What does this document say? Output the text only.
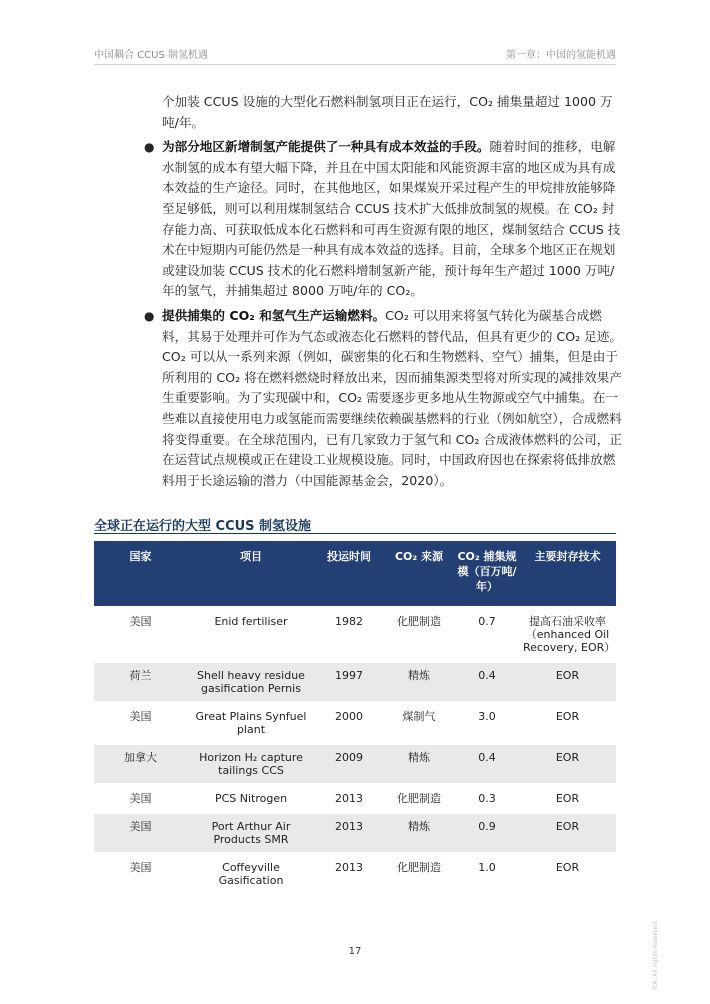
中国耦合 CCUS 制氢机遇	第一章：中国的氢能机遇

个加装 CCUS 设施的大型化石燃料制氢项目正在运行，CO₂ 捕集量超过 1000 万吨/年。

● 为部分地区新增制氢产能提供了一种具有成本效益的手段。随着时间的推移，电解水制氢的成本有望大幅下降，并且在中国太阳能和风能资源丰富的地区成为具有成本效益的生产途径。同时，在其他地区，如果煤炭开采过程产生的甲烷排放能够降至足够低，则可以利用煤制氢结合 CCUS 技术扩大低排放制氢的规模。在 CO₂ 封存能力高、可获取低成本化石燃料和可再生资源有限的地区，煤制氢结合 CCUS 技术在中短期内可能仍然是一种具有成本效益的选择。目前，全球多个地区正在规划或建设加装 CCUS 技术的化石燃料增制氢新产能，预计每年生产超过 1000 万吨/年的氢气，并捕集超过 8000 万吨/年的 CO₂。
● 提供捕集的 CO₂ 和氢气生产运输燃料。CO₂ 可以用来将氢气转化为碳基合成燃料，其易于处理并可作为气态或液态化石燃料的替代品，但具有更少的 CO₂ 足迹。CO₂ 可以从一系列来源（例如，碳密集的化石和生物燃料、空气）捕集，但是由于所利用的 CO₂ 将在燃料燃烧时释放出来，因而捕集源类型将对所实现的减排效果产生重要影响。为了实现碳中和，CO₂ 需要逐步更多地从生物源或空气中捕集。在一些难以直接使用电力或氢能而需要继续依赖碳基燃料的行业（例如航空），合成燃料将变得重要。在全球范围内，已有几家致力于氢气和 CO₂ 合成液体燃料的公司，正在运营试点规模或正在建设工业规模设施。同时，中国政府因也在探索将低排放燃料用于长途运输的潜力（中国能源基金会，2020）。
全球正在运行的大型 CCUS 制氢设施
国家	项目	投运时间	CO₂ 来源	CO₂ 捕集规模（百万吨/年）	主要封存技术
美国	Enid fertiliser	1982	化肥制造	0.7	提高石油采收率（enhanced Oil Recovery, EOR）
荷兰	Shell heavy residue gasification Pernis	1997	精炼	0.4	EOR
美国	Great Plains Synfuel plant	2000	煤制气	3.0	EOR
加拿大	Horizon H₂ capture tailings CCS	2009	精炼	0.4	EOR
美国	PCS Nitrogen	2013	化肥制造	0.3	EOR
美国	Port Arthur Air Products SMR	2013	精炼	0.9	EOR
美国	Coffeyville Gasification	2013	化肥制造	1.0	EOR
17	IEA. All rights reserved.
